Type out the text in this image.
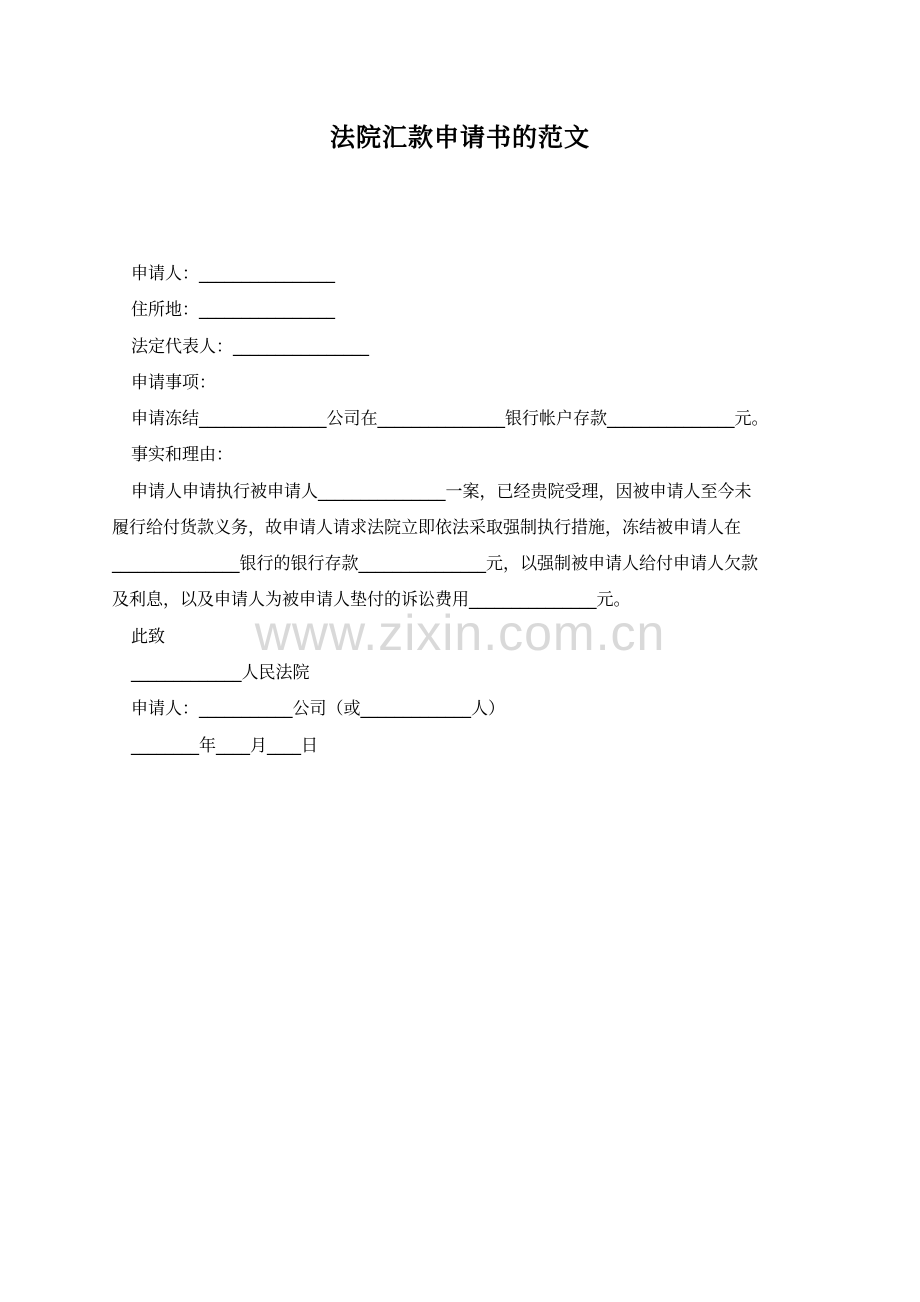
法院汇款申请书的范文
申请人：________________
住所地：________________
法定代表人：________________
申请事项：
申请冻结_______________公司在_______________银行帐户存款_______________元。
事实和理由：
申请人申请执行被申请人_______________一案，已经贵院受理，因被申请人至今未
履行给付货款义务，故申请人请求法院立即依法采取强制执行措施，冻结被申请人在
_______________银行的银行存款_______________元，以强制被申请人给付申请人欠款
及利息，以及申请人为被申请人垫付的诉讼费用_______________元。
此致
_____________人民法院
申请人：___________公司（或_____________人）
________年____月____日
www.zixin.com.cn
